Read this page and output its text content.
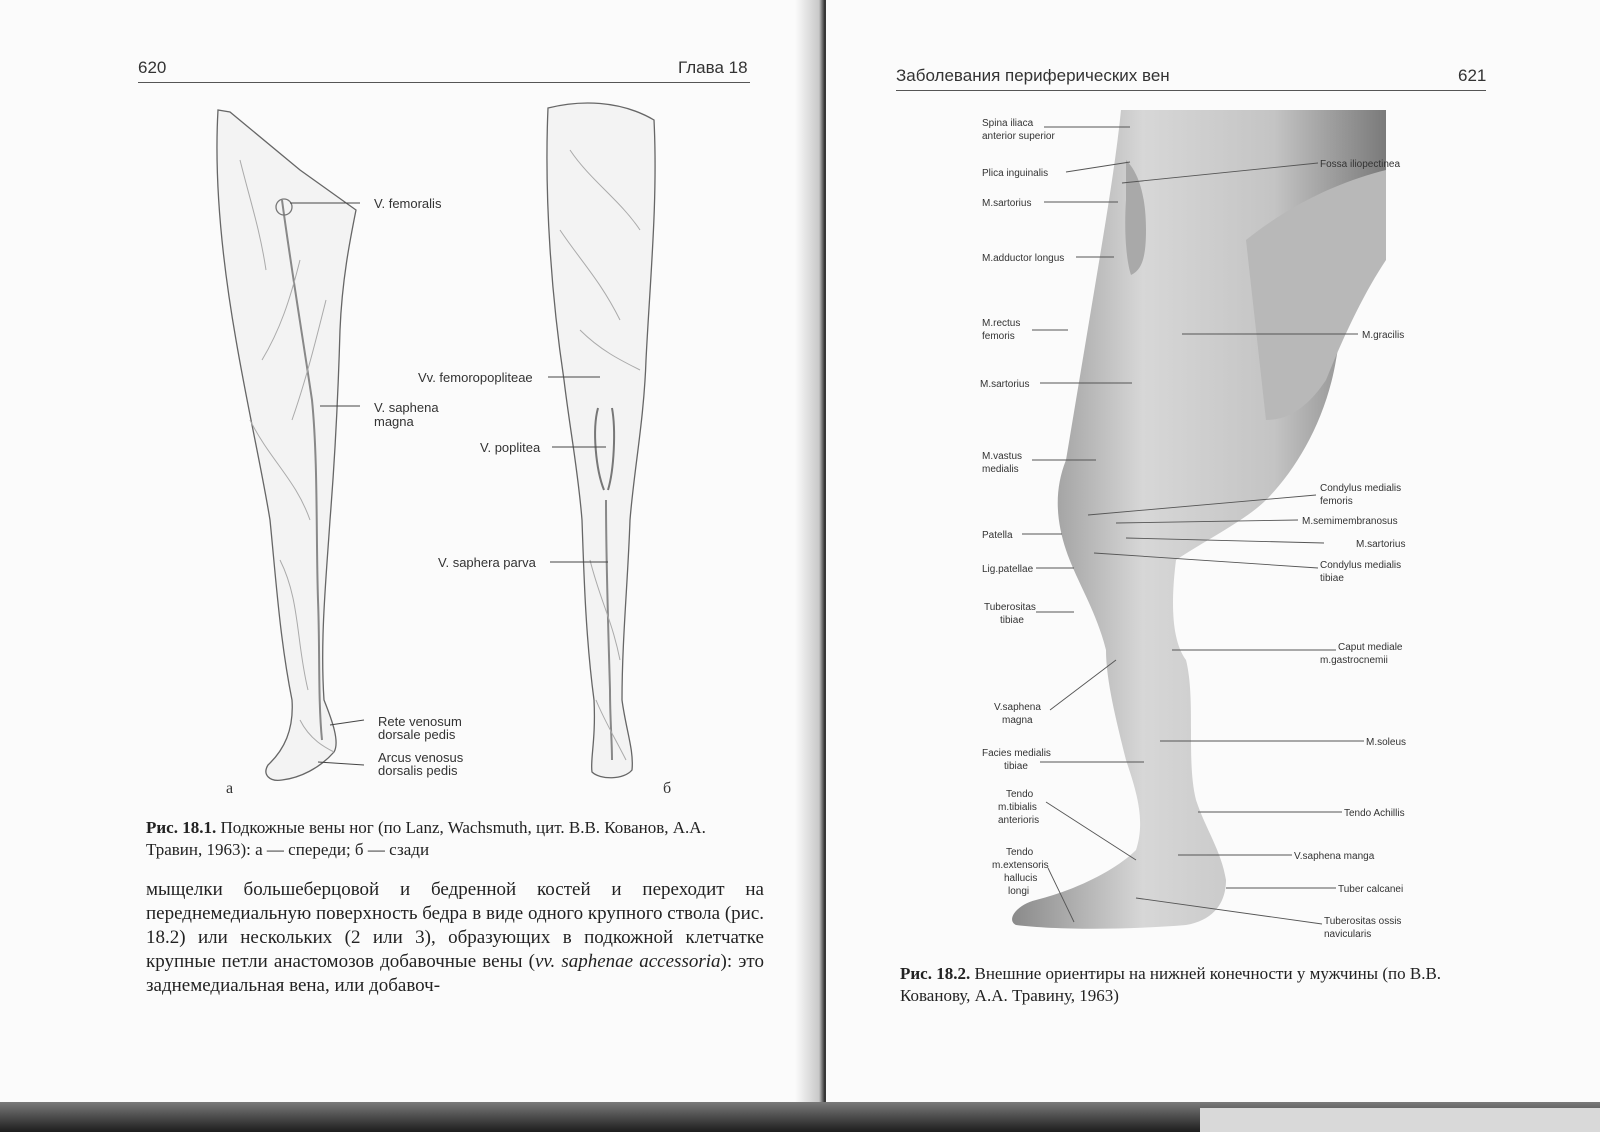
620	Глава 18
V. femoralis
Vv. femoropopliteae
V. saphena
magna
V. poplitea
V. saphera parva
Rete venosum
dorsale pedis
Arcus venosus
dorsalis pedis
а	б
Рис. 18.1. Подкожные вены ног (по Lanz, Wachsmuth, цит. В.В. Кованов, А.А. Травин, 1963): а — спереди; б — сзади

мыщелки большеберцовой и бедренной костей и переходит на переднемедиальную поверхность бедра в виде одного крупного ствола (рис. 18.2) или нескольких (2 или 3), образующих в подкожной клетчатке крупные петли анастомозов добавочные вены (vv. saphenae accessoria): это заднемедиальная вена, или добавоч-

Заболевания периферических вен	621
Spina iliaca
anterior superior
Plica inguinalis
M.sartorius
M.adductor longus
M.rectus
femoris
M.sartorius
M.vastus
medialis
Patella
Lig.patellae
Tuberositas
tibiae
V.saphena
magna
Facies medialis
tibiae
Tendo
m.tibialis
anterioris
Tendo
m.extensoris
hallucis
longi
Fossa iliopectinea
M.gracilis
Condylus medialis
femoris
M.semimembranosus
M.sartorius
Condylus medialis
tibiae
Caput mediale
m.gastrocnemii
M.soleus
Tendo Achillis
V.saphena manga
Tuber calcanei
Tuberositas ossis
navicularis
Рис. 18.2. Внешние ориентиры на нижней конечности у мужчины (по В.В. Кованову, А.А. Травину, 1963)
